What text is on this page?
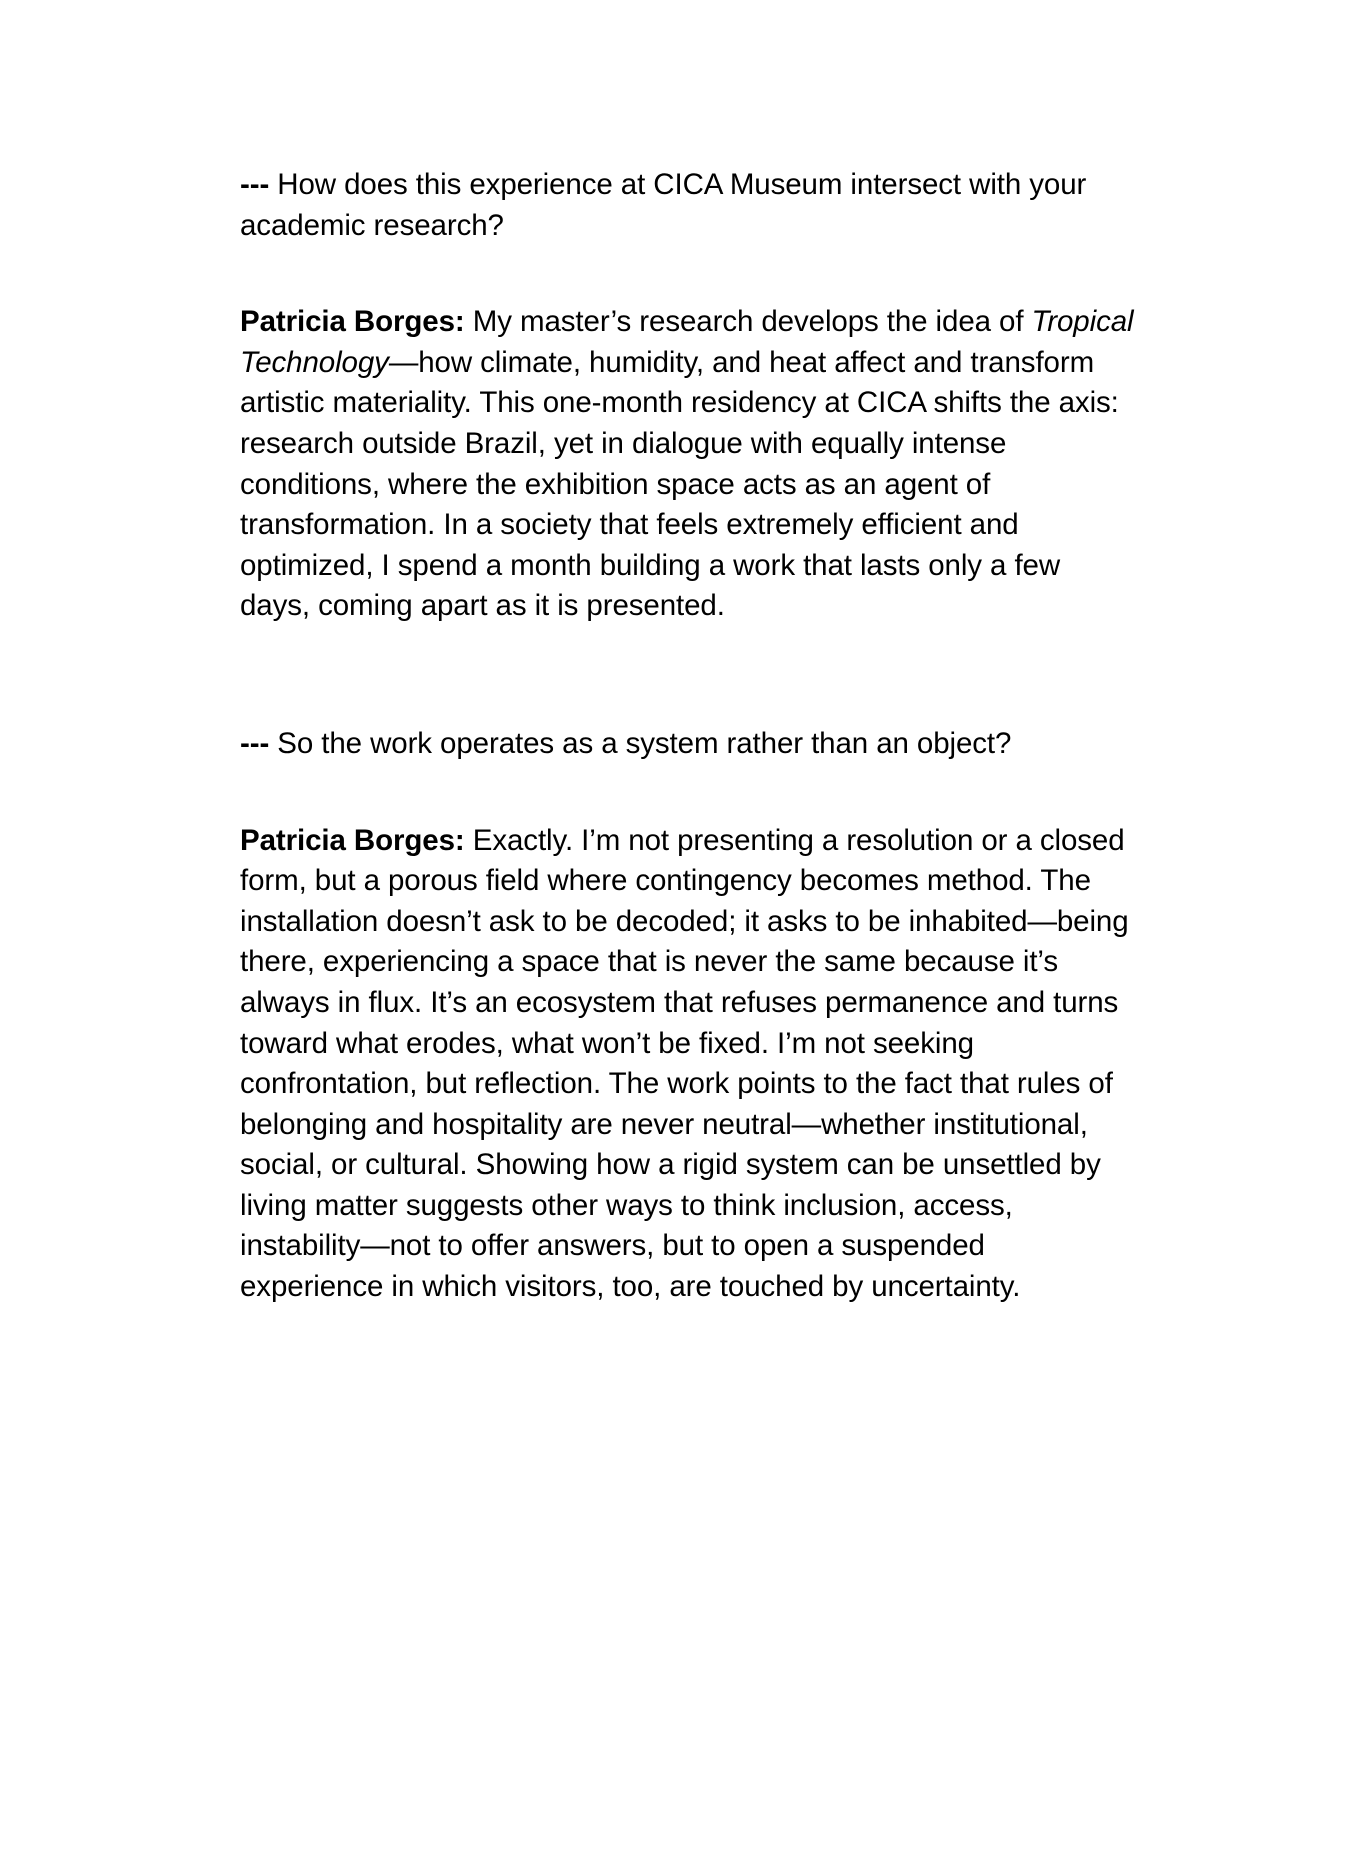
--- How does this experience at CICA Museum intersect with your
academic research?

Patricia Borges: My master’s research develops the idea of Tropical
Technology—how climate, humidity, and heat affect and transform
artistic materiality. This one-month residency at CICA shifts the axis:
research outside Brazil, yet in dialogue with equally intense
conditions, where the exhibition space acts as an agent of
transformation. In a society that feels extremely efficient and
optimized, I spend a month building a work that lasts only a few
days, coming apart as it is presented.

--- So the work operates as a system rather than an object?

Patricia Borges: Exactly. I’m not presenting a resolution or a closed
form, but a porous field where contingency becomes method. The
installation doesn’t ask to be decoded; it asks to be inhabited—being
there, experiencing a space that is never the same because it’s
always in flux. It’s an ecosystem that refuses permanence and turns
toward what erodes, what won’t be fixed. I’m not seeking
confrontation, but reflection. The work points to the fact that rules of
belonging and hospitality are never neutral—whether institutional,
social, or cultural. Showing how a rigid system can be unsettled by
living matter suggests other ways to think inclusion, access,
instability—not to offer answers, but to open a suspended
experience in which visitors, too, are touched by uncertainty.
